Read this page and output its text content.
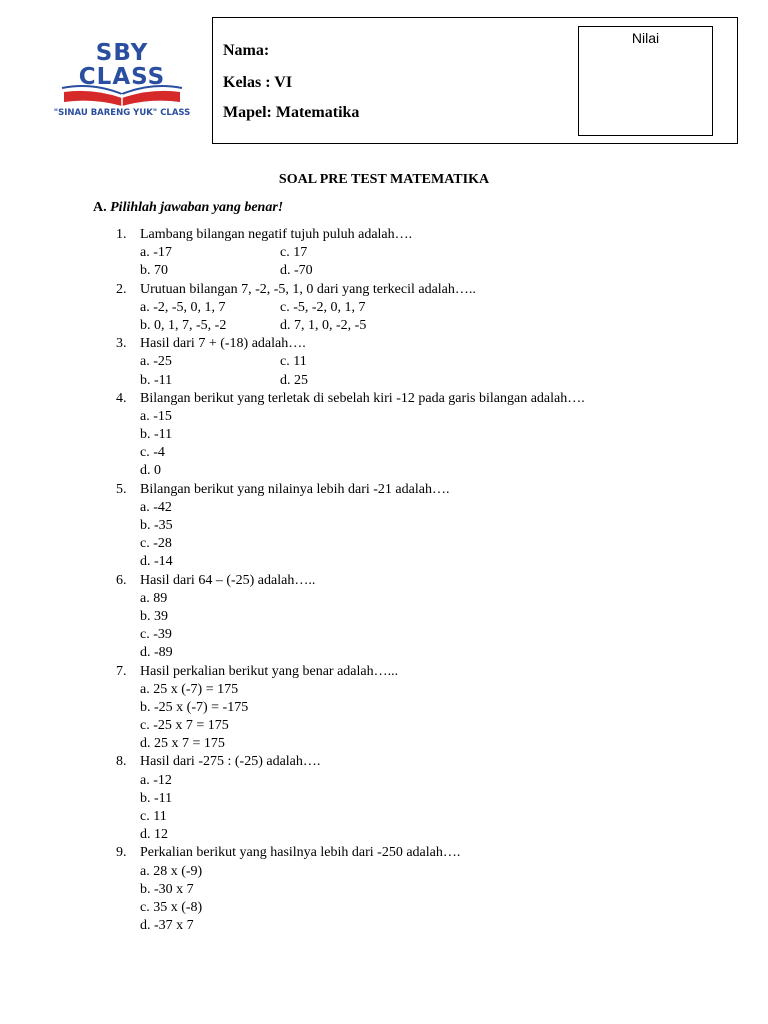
SBY
CLASS
"SINAU BARENG YUK" CLASS
Nama:
Kelas : VI
Mapel: Matematika
Nilai
SOAL PRE TEST MATEMATIKA
A. Pilihlah jawaban yang benar!
1. Lambang bilangan negatif tujuh puluh adalah….
a. -17	c. 17
b. 70	d. -70
2. Urutuan bilangan 7, -2, -5, 1, 0 dari yang terkecil adalah…..
a. -2, -5, 0, 1, 7	c. -5, -2, 0, 1, 7
b. 0, 1, 7, -5, -2	d. 7, 1, 0, -2, -5
3. Hasil dari 7 + (-18) adalah….
a. -25	c. 11
b. -11	d. 25
4. Bilangan berikut yang terletak di sebelah kiri -12 pada garis bilangan adalah….
a. -15
b. -11
c. -4
d. 0
5. Bilangan berikut yang nilainya lebih dari -21 adalah….
a. -42
b. -35
c. -28
d. -14
6. Hasil dari 64 – (-25) adalah…..
a. 89
b. 39
c. -39
d. -89
7. Hasil perkalian berikut yang benar adalah…...
a. 25 x (-7) = 175
b. -25 x (-7) = -175
c. -25 x 7 = 175
d. 25 x 7 = 175
8. Hasil dari -275 : (-25) adalah….
a. -12
b. -11
c. 11
d. 12
9. Perkalian berikut yang hasilnya lebih dari -250 adalah….
a. 28 x (-9)
b. -30 x 7
c. 35 x (-8)
d. -37 x 7
